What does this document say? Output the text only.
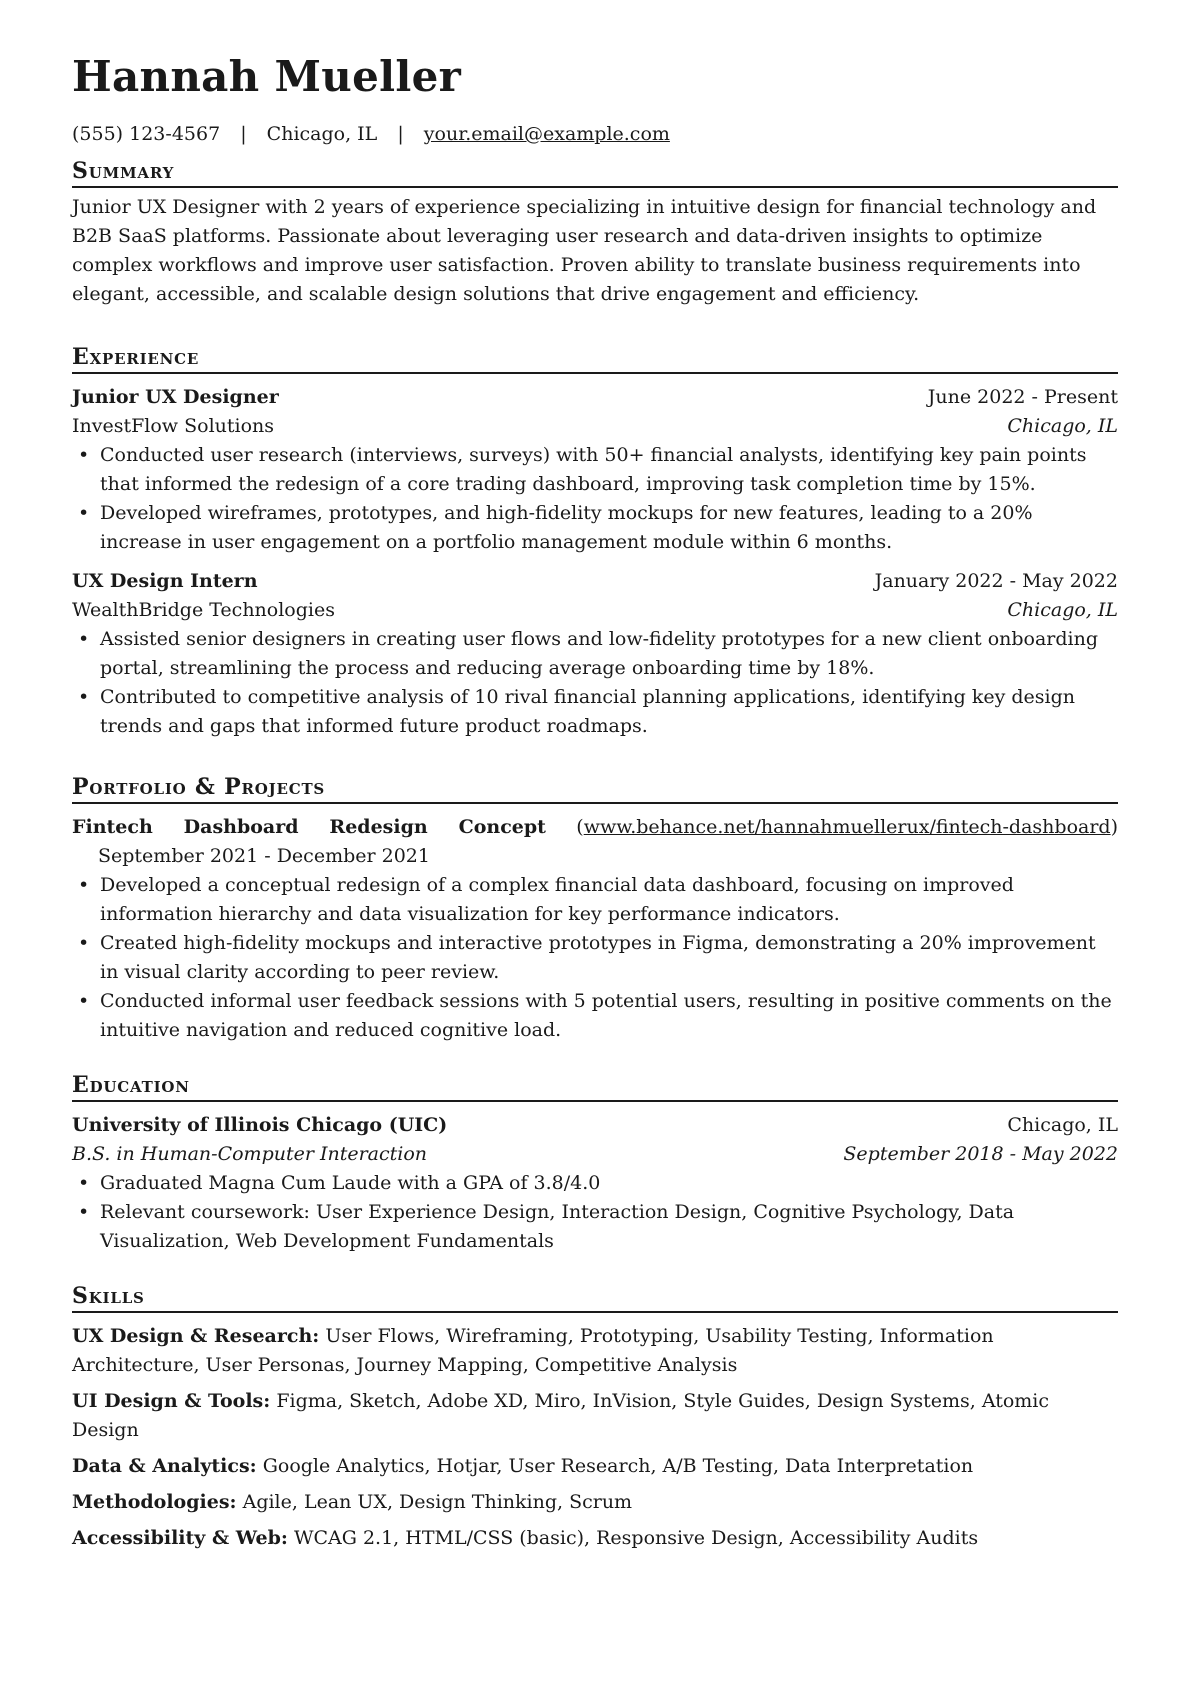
Hannah Mueller
(555) 123-4567 | Chicago, IL | your.email@example.com
Summary
Junior UX Designer with 2 years of experience specializing in intuitive design for financial technology and B2B SaaS platforms. Passionate about leveraging user research and data-driven insights to optimize complex workflows and improve user satisfaction. Proven ability to translate business requirements into elegant, accessible, and scalable design solutions that drive engagement and efficiency.
Experience
Junior UX Designer	June 2022 - Present
InvestFlow Solutions	Chicago, IL
• Conducted user research (interviews, surveys) with 50+ financial analysts, identifying key pain points that informed the redesign of a core trading dashboard, improving task completion time by 15%.
• Developed wireframes, prototypes, and high-fidelity mockups for new features, leading to a 20% increase in user engagement on a portfolio management module within 6 months.
UX Design Intern	January 2022 - May 2022
WealthBridge Technologies	Chicago, IL
• Assisted senior designers in creating user flows and low-fidelity prototypes for a new client onboarding portal, streamlining the process and reducing average onboarding time by 18%.
• Contributed to competitive analysis of 10 rival financial planning applications, identifying key design trends and gaps that informed future product roadmaps.
Portfolio & Projects
Fintech Dashboard Redesign Concept (www.behance.net/hannahmuellerux/fintech-dashboard) September 2021 - December 2021
• Developed a conceptual redesign of a complex financial data dashboard, focusing on improved information hierarchy and data visualization for key performance indicators.
• Created high-fidelity mockups and interactive prototypes in Figma, demonstrating a 20% improvement in visual clarity according to peer review.
• Conducted informal user feedback sessions with 5 potential users, resulting in positive comments on the intuitive navigation and reduced cognitive load.
Education
University of Illinois Chicago (UIC)	Chicago, IL
B.S. in Human-Computer Interaction	September 2018 - May 2022
• Graduated Magna Cum Laude with a GPA of 3.8/4.0
• Relevant coursework: User Experience Design, Interaction Design, Cognitive Psychology, Data Visualization, Web Development Fundamentals
Skills
UX Design & Research: User Flows, Wireframing, Prototyping, Usability Testing, Information Architecture, User Personas, Journey Mapping, Competitive Analysis
UI Design & Tools: Figma, Sketch, Adobe XD, Miro, InVision, Style Guides, Design Systems, Atomic Design
Data & Analytics: Google Analytics, Hotjar, User Research, A/B Testing, Data Interpretation
Methodologies: Agile, Lean UX, Design Thinking, Scrum
Accessibility & Web: WCAG 2.1, HTML/CSS (basic), Responsive Design, Accessibility Audits
